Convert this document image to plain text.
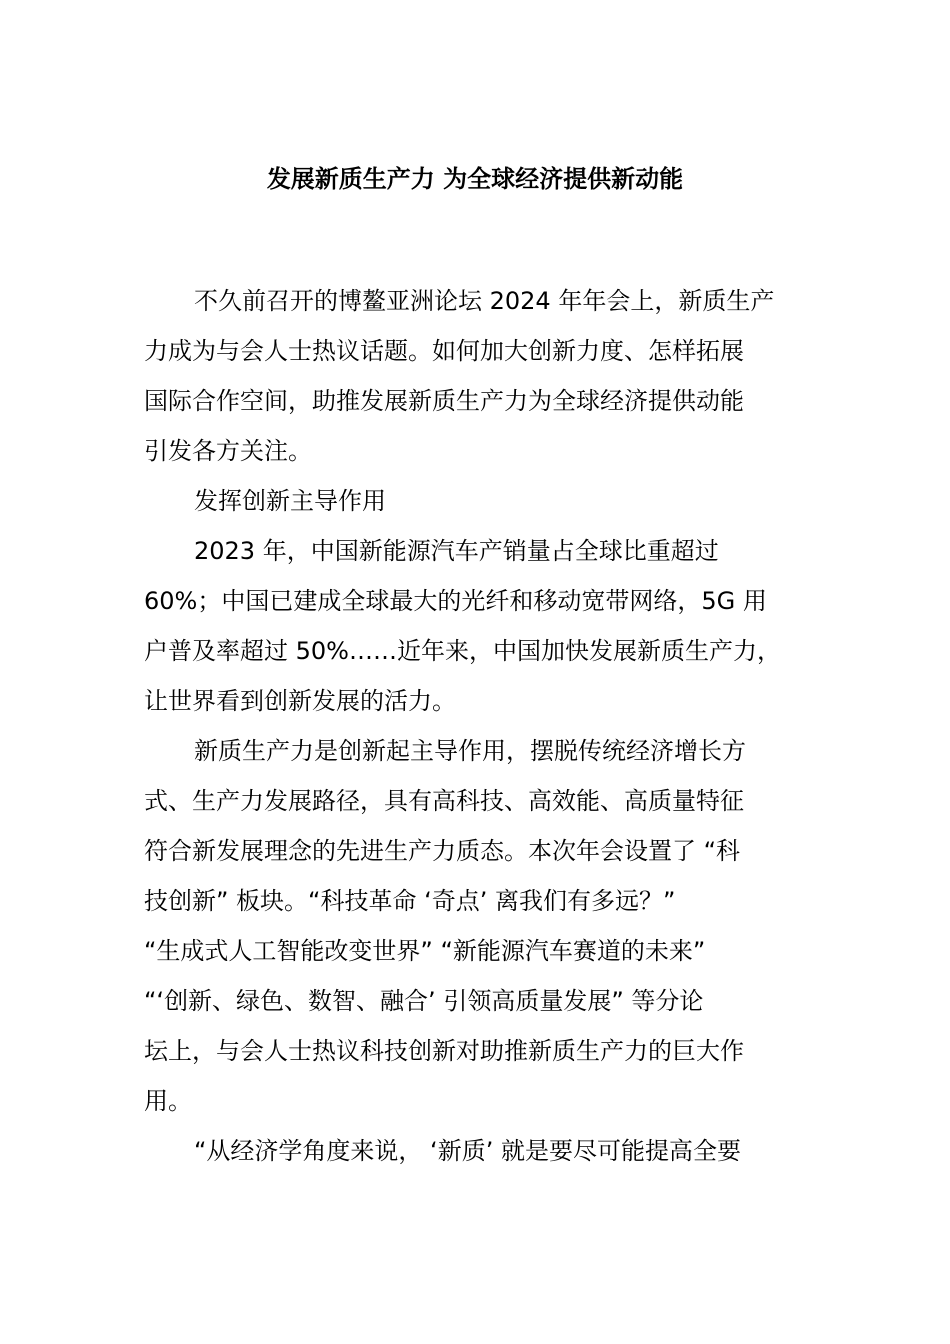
发展新质生产力 为全球经济提供新动能
不久前召开的博鳌亚洲论坛 2024 年年会上，新质生产
力成为与会人士热议话题。如何加大创新力度、怎样拓展
国际合作空间，助推发展新质生产力为全球经济提供动能
引发各方关注。
发挥创新主导作用
2023 年，中国新能源汽车产销量占全球比重超过
60%；中国已建成全球最大的光纤和移动宽带网络，5G 用
户普及率超过 50%……近年来，中国加快发展新质生产力，
让世界看到创新发展的活力。
新质生产力是创新起主导作用，摆脱传统经济增长方
式、生产力发展路径，具有高科技、高效能、高质量特征
符合新发展理念的先进生产力质态。本次年会设置了 “科
技创新” 板块。“科技革命 ‘奇点’ 离我们有多远？”
“生成式人工智能改变世界” “新能源汽车赛道的未来”
“‘创新、绿色、数智、融合’ 引领高质量发展” 等分论
坛上，与会人士热议科技创新对助推新质生产力的巨大作
用。
“从经济学角度来说， ‘新质’ 就是要尽可能提高全要
